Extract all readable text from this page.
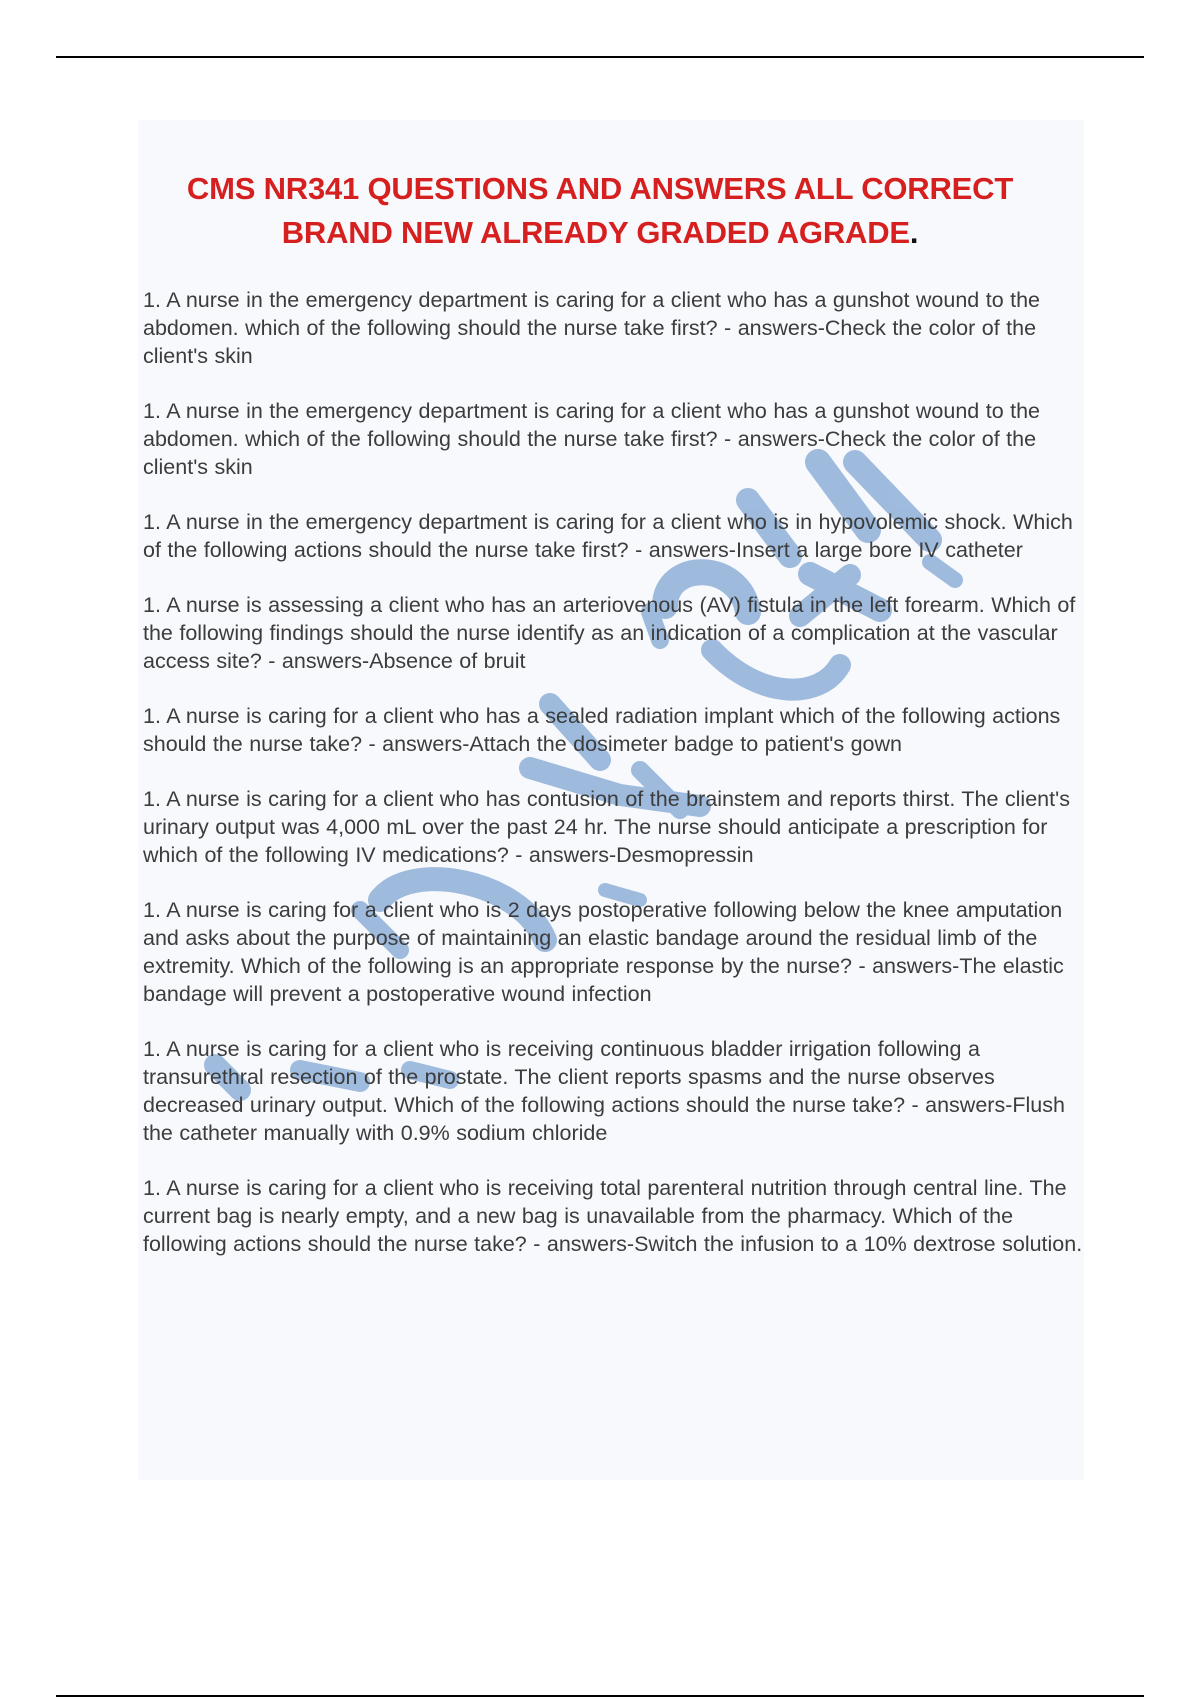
CMS NR341 QUESTIONS AND ANSWERS ALL CORRECT
BRAND NEW ALREADY GRADED AGRADE.
1. A nurse in the emergency department is caring for a client who has a gunshot wound to the abdomen. which of the following should the nurse take first? - answers-Check the color of the client's skin
1. A nurse in the emergency department is caring for a client who has a gunshot wound to the abdomen. which of the following should the nurse take first? - answers-Check the color of the client's skin
1. A nurse in the emergency department is caring for a client who is in hypovolemic shock. Which of the following actions should the nurse take first? - answers-Insert a large bore IV catheter
1. A nurse is assessing a client who has an arteriovenous (AV) fistula in the left forearm. Which of the following findings should the nurse identify as an indication of a complication at the vascular access site? - answers-Absence of bruit
1. A nurse is caring for a client who has a sealed radiation implant which of the following actions should the nurse take? - answers-Attach the dosimeter badge to patient's gown
1. A nurse is caring for a client who has contusion of the brainstem and reports thirst. The client's urinary output was 4,000 mL over the past 24 hr. The nurse should anticipate a prescription for which of the following IV medications? - answers-Desmopressin
1. A nurse is caring for a client who is 2 days postoperative following below the knee amputation and asks about the purpose of maintaining an elastic bandage around the residual limb of the extremity. Which of the following is an appropriate response by the nurse? - answers-The elastic bandage will prevent a postoperative wound infection
1. A nurse is caring for a client who is receiving continuous bladder irrigation following a transurethral resection of the prostate. The client reports spasms and the nurse observes decreased urinary output. Which of the following actions should the nurse take? - answers-Flush the catheter manually with 0.9% sodium chloride
1. A nurse is caring for a client who is receiving total parenteral nutrition through central line. The current bag is nearly empty, and a new bag is unavailable from the pharmacy. Which of the following actions should the nurse take? - answers-Switch the infusion to a 10% dextrose solution.
